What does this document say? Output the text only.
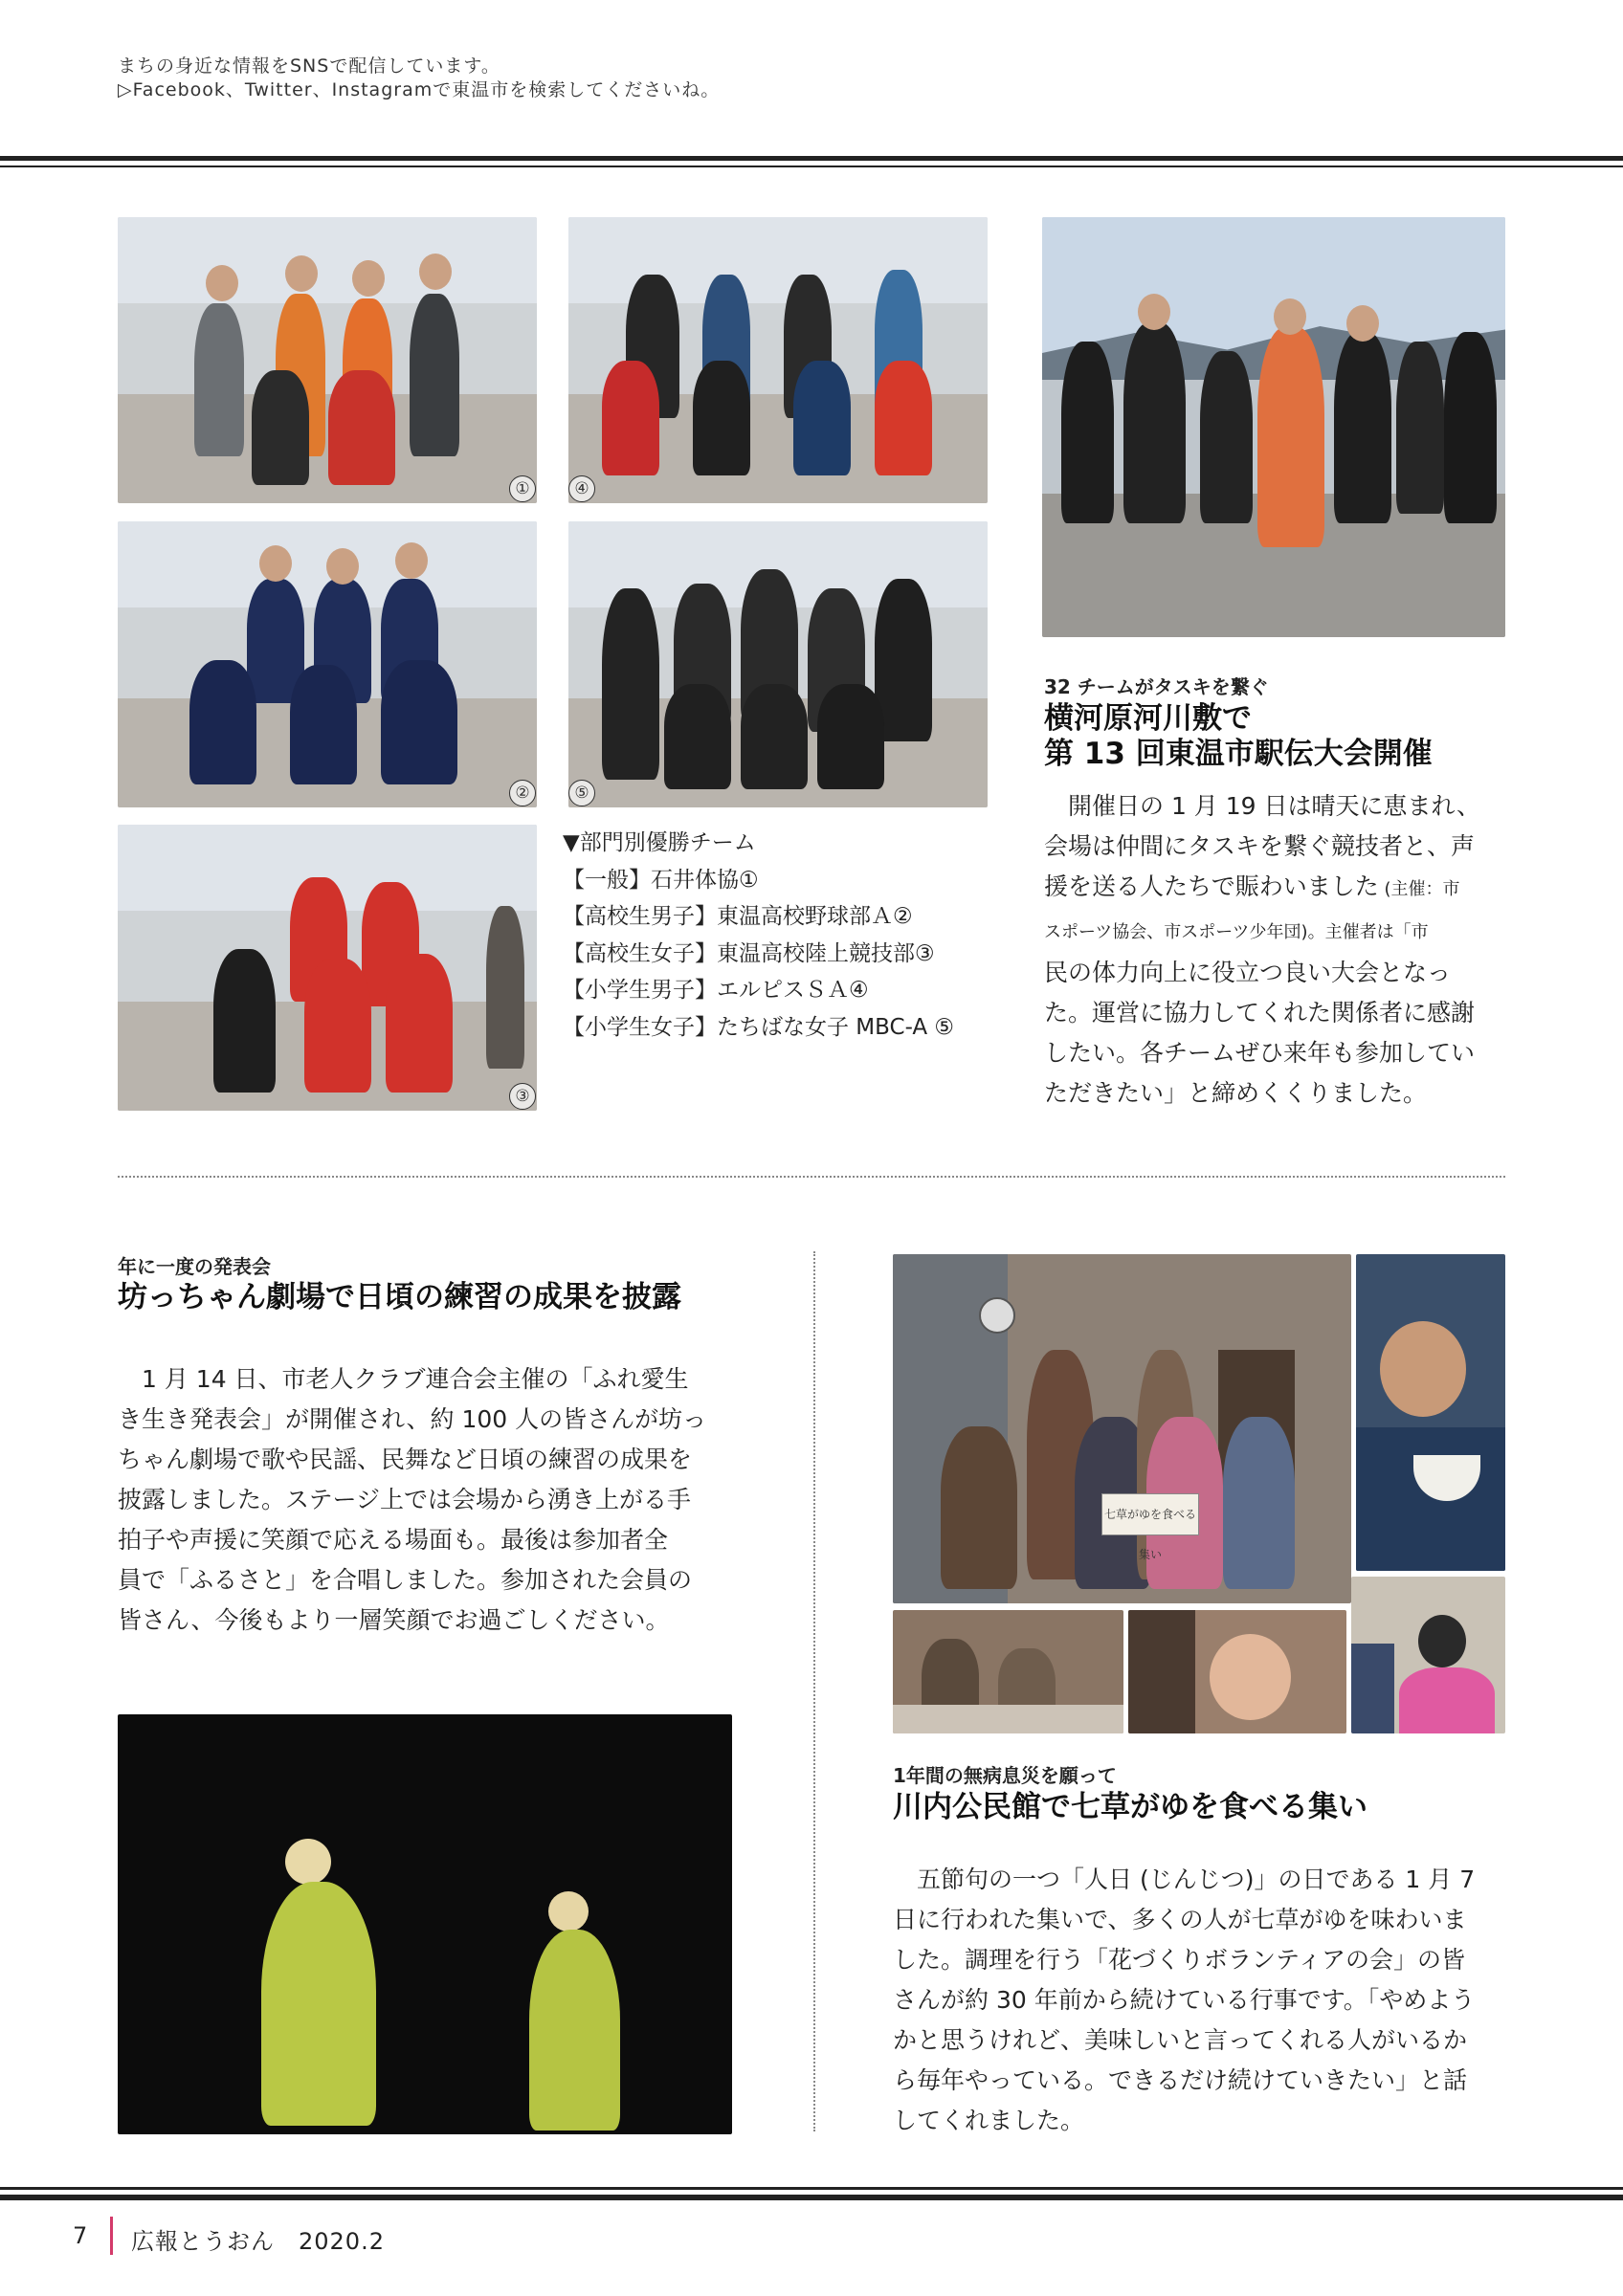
まちの身近な情報をSNSで配信しています。
▷Facebook、Twitter、Instagramで東温市を検索してくださいね。
①	④
②	⑤
③
▼部門別優勝チーム
【一般】石井体協①
【高校生男子】東温高校野球部Ａ②
【高校生女子】東温高校陸上競技部③
【小学生男子】エルピスＳＡ④
【小学生女子】たちばな女子 MBC-A ⑤
32 チームがタスキを繋ぐ
横河原河川敷で
第 13 回東温市駅伝大会開催
　開催日の 1 月 19 日は晴天に恵まれ、
会場は仲間にタスキを繋ぐ競技者と、声
援を送る人たちで賑わいました (主催：市
スポーツ協会、市スポーツ少年団)。主催者は「市
民の体力向上に役立つ良い大会となっ
た。運営に協力してくれた関係者に感謝
したい。各チームぜひ来年も参加してい
ただきたい」と締めくくりました。
年に一度の発表会
坊っちゃん劇場で日頃の練習の成果を披露
　1 月 14 日、市老人クラブ連合会主催の「ふれ愛生
き生き発表会」が開催され、約 100 人の皆さんが坊っ
ちゃん劇場で歌や民謡、民舞など日頃の練習の成果を
披露しました。ステージ上では会場から湧き上がる手
拍子や声援に笑顔で応える場面も。最後は参加者全
員で「ふるさと」を合唱しました。参加された会員の
皆さん、今後もより一層笑顔でお過ごしください。
七草がゆを食べる集い
1年間の無病息災を願って
川内公民館で七草がゆを食べる集い
　五節句の一つ「人日 (じんじつ)」の日である 1 月 7
日に行われた集いで、多くの人が七草がゆを味わいま
した。調理を行う「花づくりボランティアの会」の皆
さんが約 30 年前から続けている行事です。「やめよう
かと思うけれど、美味しいと言ってくれる人がいるか
ら毎年やっている。できるだけ続けていきたい」と話
してくれました。
7 広報とうおん　2020.2
